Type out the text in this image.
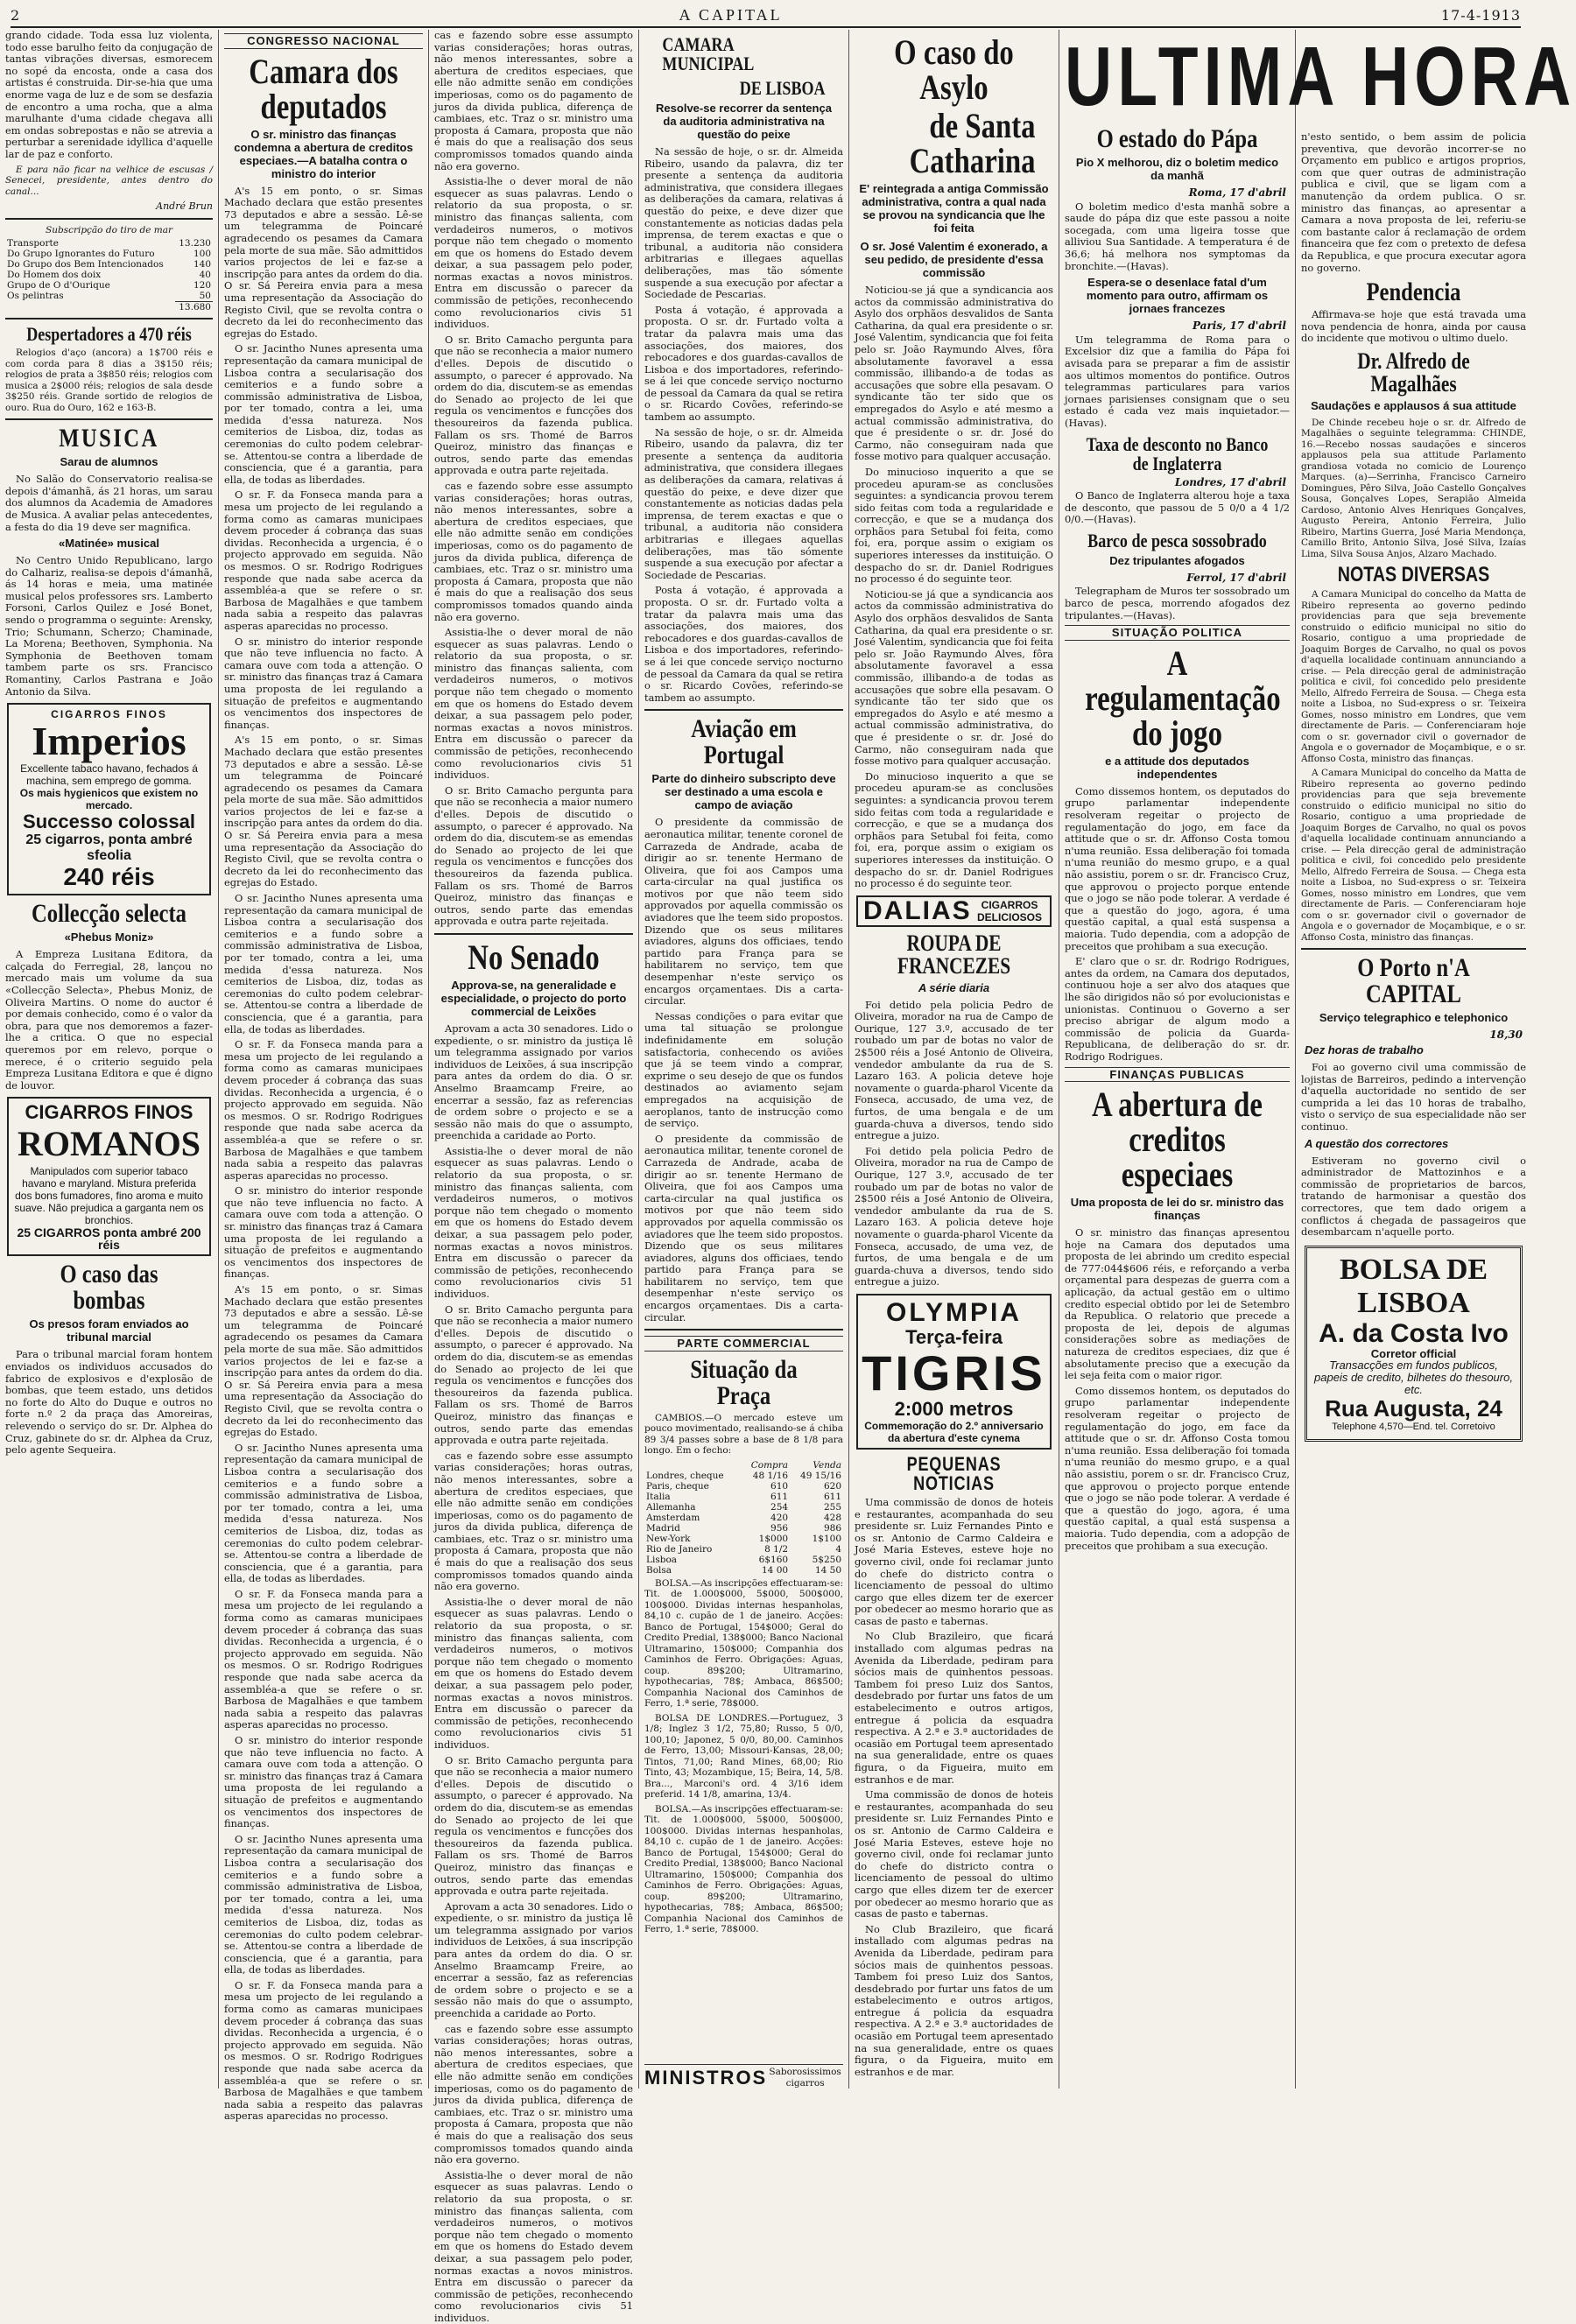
2	A CAPITAL	17-4-1913

grando cidade. Toda essa luz violenta, todo esse barulho feito da conjugação de tantas vibrações diversas, esmorecem no sopé da encosta, onde a casa dos artistas é construida. Dir-se-hia que uma enorme vaga de luz e de som se desfazia de encontro a uma rocha, que a alma marulhante d'uma cidade chegava alli em ondas sobrepostas e não se atrevia a perturbar a serenidade idyllica d'aquelle lar de paz e conforto.

E para não ficar na velhice de escusas / Senecei, presidente, antes dentro do canal...

André Brun
Subscripção do tiro de mar
Transporte	13.230
Do Grupo Ignorantes do Futuro	100
Do Grupo dos Bem Intencionados	140
Do Homem dos doix	40
Grupo de O d'Ourique	120
Os pelintras	50
	13.680
Despertadores a 470 réis

Relogios d'aço (ancora) a 1$700 réis e com corda para 8 dias a 3$150 réis; relogios de prata a 3$850 réis; relogios com musica a 2$000 réis; relogios de sala desde 3$250 réis. Grande sortido de relogios de ouro. Rua do Ouro, 162 e 163-B.

MUSICA
Sarau de alumnos

No Salão do Conservatorio realisa-se depois d'ámanhã, ás 21 horas, um sarau dos alumnos da Academia de Amadores de Musica. A avaliar pelas antecedentes, a festa do dia 19 deve ser magnifica.

«Matinée» musical

No Centro Unido Republicano, largo do Calhariz, realisa-se depois d'ámanhã, ás 14 horas e meia, uma matinée musical pelos professores srs. Lamberto Forsoni, Carlos Quilez e José Bonet, sendo o programma o seguinte: Arensky, Trio; Schumann, Scherzo; Chaminade, La Morena; Beethoven, Symphonia. Na Symphonia de Beethoven tomam tambem parte os srs. Francisco Romantiny, Carlos Pastrana e João Antonio da Silva.

CIGARROS FINOS
Imperios
Excellente tabaco havano, fechados á machina, sem emprego de gomma.
Os mais hygienicos que existem no mercado.
Successo colossal
25 cigarros, ponta ambré sfeolia
240 réis
Collecção selecta
«Phebus Moniz»

A Empreza Lusitana Editora, da calçada do Ferregial, 28, lançou no mercado mais um volume da sua «Collecção Selecta», Phebus Moniz, de Oliveira Martins. O nome do auctor é por demais conhecido, como é o valor da obra, para que nos demoremos a fazer-lhe a critica. O que no especial queremos por em relevo, porque o merece, é o criterio seguido pela Empreza Lusitana Editora e que é digno de louvor.

CIGARROS FINOS
ROMANOS
Manipulados com superior tabaco havano e maryland. Mistura preferida dos bons fumadores, fino aroma e muito suave. Não prejudica a garganta nem os bronchios.
25 CIGARROS ponta ambré 200 réis
O caso das bombas
Os presos foram enviados ao tribunal marcial

Para o tribunal marcial foram hontem enviados os individuos accusados do fabrico de explosivos e d'explosão de bombas, que teem estado, uns detidos no forte do Alto do Duque e outros no forte n.º 2 da praça das Amoreiras, relevendo o serviço do sr. Dr. Alphea do Cruz, gabinete do sr. dr. Alphea da Cruz, pelo agente Sequeira.

CONGRESSO NACIONAL
Camara dos deputados
O sr. ministro das finanças condemna a abertura de creditos especiaes.—A batalha contra o ministro do interior

A's 15 em ponto, o sr. Simas Machado declara que estão presentes 73 deputados e abre a sessão. Lê-se um telegramma de Poincaré agradecendo os pesames da Camara pela morte de sua mãe. São admittidos varios projectos de lei e faz-se a inscripção para antes da ordem do dia. O sr. Sá Pereira envia para a mesa uma representação da Associação do Registo Civil, que se revolta contra o decreto da lei do reconhecimento das egrejas do Estado.

O sr. Jacintho Nunes apresenta uma representação da camara municipal de Lisboa contra a secularisação dos cemiterios e a fundo sobre a commissão administrativa de Lisboa, por ter tomado, contra a lei, uma medida d'essa natureza. Nos cemiterios de Lisboa, diz, todas as ceremonias do culto podem celebrar-se. Attentou-se contra a liberdade de consciencia, que é a garantia, para ella, de todas as liberdades.

O sr. F. da Fonseca manda para a mesa um projecto de lei regulando a forma como as camaras municipaes devem proceder á cobrança das suas dividas. Reconhecida a urgencia, é o projecto approvado em seguida. Não os mesmos. O sr. Rodrigo Rodrigues responde que nada sabe acerca da assembléa-a que se refere o sr. Barbosa de Magalhães e que tambem nada sabia a respeito das palavras asperas aparecidas no processo.

O sr. ministro do interior responde que não teve influencia no facto. A camara ouve com toda a attenção. O sr. ministro das finanças traz á Camara uma proposta de lei regulando a situação de prefeitos e augmentando os vencimentos dos inspectores de finanças.

A's 15 em ponto, o sr. Simas Machado declara que estão presentes 73 deputados e abre a sessão. Lê-se um telegramma de Poincaré agradecendo os pesames da Camara pela morte de sua mãe. São admittidos varios projectos de lei e faz-se a inscripção para antes da ordem do dia. O sr. Sá Pereira envia para a mesa uma representação da Associação do Registo Civil, que se revolta contra o decreto da lei do reconhecimento das egrejas do Estado.

O sr. Jacintho Nunes apresenta uma representação da camara municipal de Lisboa contra a secularisação dos cemiterios e a fundo sobre a commissão administrativa de Lisboa, por ter tomado, contra a lei, uma medida d'essa natureza. Nos cemiterios de Lisboa, diz, todas as ceremonias do culto podem celebrar-se. Attentou-se contra a liberdade de consciencia, que é a garantia, para ella, de todas as liberdades.

O sr. F. da Fonseca manda para a mesa um projecto de lei regulando a forma como as camaras municipaes devem proceder á cobrança das suas dividas. Reconhecida a urgencia, é o projecto approvado em seguida. Não os mesmos. O sr. Rodrigo Rodrigues responde que nada sabe acerca da assembléa-a que se refere o sr. Barbosa de Magalhães e que tambem nada sabia a respeito das palavras asperas aparecidas no processo.

O sr. ministro do interior responde que não teve influencia no facto. A camara ouve com toda a attenção. O sr. ministro das finanças traz á Camara uma proposta de lei regulando a situação de prefeitos e augmentando os vencimentos dos inspectores de finanças.

A's 15 em ponto, o sr. Simas Machado declara que estão presentes 73 deputados e abre a sessão. Lê-se um telegramma de Poincaré agradecendo os pesames da Camara pela morte de sua mãe. São admittidos varios projectos de lei e faz-se a inscripção para antes da ordem do dia. O sr. Sá Pereira envia para a mesa uma representação da Associação do Registo Civil, que se revolta contra o decreto da lei do reconhecimento das egrejas do Estado.

O sr. Jacintho Nunes apresenta uma representação da camara municipal de Lisboa contra a secularisação dos cemiterios e a fundo sobre a commissão administrativa de Lisboa, por ter tomado, contra a lei, uma medida d'essa natureza. Nos cemiterios de Lisboa, diz, todas as ceremonias do culto podem celebrar-se. Attentou-se contra a liberdade de consciencia, que é a garantia, para ella, de todas as liberdades.

O sr. F. da Fonseca manda para a mesa um projecto de lei regulando a forma como as camaras municipaes devem proceder á cobrança das suas dividas. Reconhecida a urgencia, é o projecto approvado em seguida. Não os mesmos. O sr. Rodrigo Rodrigues responde que nada sabe acerca da assembléa-a que se refere o sr. Barbosa de Magalhães e que tambem nada sabia a respeito das palavras asperas aparecidas no processo.

O sr. ministro do interior responde que não teve influencia no facto. A camara ouve com toda a attenção. O sr. ministro das finanças traz á Camara uma proposta de lei regulando a situação de prefeitos e augmentando os vencimentos dos inspectores de finanças.

O sr. Jacintho Nunes apresenta uma representação da camara municipal de Lisboa contra a secularisação dos cemiterios e a fundo sobre a commissão administrativa de Lisboa, por ter tomado, contra a lei, uma medida d'essa natureza. Nos cemiterios de Lisboa, diz, todas as ceremonias do culto podem celebrar-se. Attentou-se contra a liberdade de consciencia, que é a garantia, para ella, de todas as liberdades.

O sr. F. da Fonseca manda para a mesa um projecto de lei regulando a forma como as camaras municipaes devem proceder á cobrança das suas dividas. Reconhecida a urgencia, é o projecto approvado em seguida. Não os mesmos. O sr. Rodrigo Rodrigues responde que nada sabe acerca da assembléa-a que se refere o sr. Barbosa de Magalhães e que tambem nada sabia a respeito das palavras asperas aparecidas no processo.

cas e fazendo sobre esse assumpto varias considerações; horas outras, não menos interessantes, sobre a abertura de creditos especiaes, que elle não admitte senão em condições imperiosas, como os do pagamento de juros da divida publica, diferença de cambiaes, etc. Traz o sr. ministro uma proposta á Camara, proposta que não é mais do que a realisação dos seus compromissos tomados quando ainda não era governo.

Assistia-lhe o dever moral de não esquecer as suas palavras. Lendo o relatorio da sua proposta, o sr. ministro das finanças salienta, com verdadeiros numeros, o motivos porque não tem chegado o momento em que os homens do Estado devem deixar, a sua passagem pelo poder, normas exactas a novos ministros. Entra em discussão o parecer da commissão de petições, reconhecendo como revolucionarios civis 51 individuos.

O sr. Brito Camacho pergunta para que não se reconhecia a maior numero d'elles. Depois de discutido o assumpto, o parecer é approvado. Na ordem do dia, discutem-se as emendas do Senado ao projecto de lei que regula os vencimentos e funcções dos thesoureiros da fazenda publica. Fallam os srs. Thomé de Barros Queiroz, ministro das finanças e outros, sendo parte das emendas approvada e outra parte rejeitada.

cas e fazendo sobre esse assumpto varias considerações; horas outras, não menos interessantes, sobre a abertura de creditos especiaes, que elle não admitte senão em condições imperiosas, como os do pagamento de juros da divida publica, diferença de cambiaes, etc. Traz o sr. ministro uma proposta á Camara, proposta que não é mais do que a realisação dos seus compromissos tomados quando ainda não era governo.

Assistia-lhe o dever moral de não esquecer as suas palavras. Lendo o relatorio da sua proposta, o sr. ministro das finanças salienta, com verdadeiros numeros, o motivos porque não tem chegado o momento em que os homens do Estado devem deixar, a sua passagem pelo poder, normas exactas a novos ministros. Entra em discussão o parecer da commissão de petições, reconhecendo como revolucionarios civis 51 individuos.

O sr. Brito Camacho pergunta para que não se reconhecia a maior numero d'elles. Depois de discutido o assumpto, o parecer é approvado. Na ordem do dia, discutem-se as emendas do Senado ao projecto de lei que regula os vencimentos e funcções dos thesoureiros da fazenda publica. Fallam os srs. Thomé de Barros Queiroz, ministro das finanças e outros, sendo parte das emendas approvada e outra parte rejeitada.

No Senado
Approva-se, na generalidade e especialidade, o projecto do porto commercial de Leixões

Aprovam a acta 30 senadores. Lido o expediente, o sr. ministro da justiça lê um telegramma assignado por varios individuos de Leixões, á sua inscripção para antes da ordem do dia. O sr. Anselmo Braamcamp Freire, ao encerrar a sessão, faz as referencias de ordem sobre o projecto e se a sessão não mais do que o assumpto, preenchida a caridade ao Porto.

Assistia-lhe o dever moral de não esquecer as suas palavras. Lendo o relatorio da sua proposta, o sr. ministro das finanças salienta, com verdadeiros numeros, o motivos porque não tem chegado o momento em que os homens do Estado devem deixar, a sua passagem pelo poder, normas exactas a novos ministros. Entra em discussão o parecer da commissão de petições, reconhecendo como revolucionarios civis 51 individuos.

O sr. Brito Camacho pergunta para que não se reconhecia a maior numero d'elles. Depois de discutido o assumpto, o parecer é approvado. Na ordem do dia, discutem-se as emendas do Senado ao projecto de lei que regula os vencimentos e funcções dos thesoureiros da fazenda publica. Fallam os srs. Thomé de Barros Queiroz, ministro das finanças e outros, sendo parte das emendas approvada e outra parte rejeitada.

cas e fazendo sobre esse assumpto varias considerações; horas outras, não menos interessantes, sobre a abertura de creditos especiaes, que elle não admitte senão em condições imperiosas, como os do pagamento de juros da divida publica, diferença de cambiaes, etc. Traz o sr. ministro uma proposta á Camara, proposta que não é mais do que a realisação dos seus compromissos tomados quando ainda não era governo.

Assistia-lhe o dever moral de não esquecer as suas palavras. Lendo o relatorio da sua proposta, o sr. ministro das finanças salienta, com verdadeiros numeros, o motivos porque não tem chegado o momento em que os homens do Estado devem deixar, a sua passagem pelo poder, normas exactas a novos ministros. Entra em discussão o parecer da commissão de petições, reconhecendo como revolucionarios civis 51 individuos.

O sr. Brito Camacho pergunta para que não se reconhecia a maior numero d'elles. Depois de discutido o assumpto, o parecer é approvado. Na ordem do dia, discutem-se as emendas do Senado ao projecto de lei que regula os vencimentos e funcções dos thesoureiros da fazenda publica. Fallam os srs. Thomé de Barros Queiroz, ministro das finanças e outros, sendo parte das emendas approvada e outra parte rejeitada.

Aprovam a acta 30 senadores. Lido o expediente, o sr. ministro da justiça lê um telegramma assignado por varios individuos de Leixões, á sua inscripção para antes da ordem do dia. O sr. Anselmo Braamcamp Freire, ao encerrar a sessão, faz as referencias de ordem sobre o projecto e se a sessão não mais do que o assumpto, preenchida a caridade ao Porto.

cas e fazendo sobre esse assumpto varias considerações; horas outras, não menos interessantes, sobre a abertura de creditos especiaes, que elle não admitte senão em condições imperiosas, como os do pagamento de juros da divida publica, diferença de cambiaes, etc. Traz o sr. ministro uma proposta á Camara, proposta que não é mais do que a realisação dos seus compromissos tomados quando ainda não era governo.

Assistia-lhe o dever moral de não esquecer as suas palavras. Lendo o relatorio da sua proposta, o sr. ministro das finanças salienta, com verdadeiros numeros, o motivos porque não tem chegado o momento em que os homens do Estado devem deixar, a sua passagem pelo poder, normas exactas a novos ministros. Entra em discussão o parecer da commissão de petições, reconhecendo como revolucionarios civis 51 individuos.

CAMARA MUNICIPAL
DE LISBOA
Resolve-se recorrer da sentença da auditoria administrativa na questão do peixe

Na sessão de hoje, o sr. dr. Almeida Ribeiro, usando da palavra, diz ter presente a sentença da auditoria administrativa, que considera illegaes as deliberações da camara, relativas á questão do peixe, e deve dizer que constantemente as noticias dadas pela imprensa, de terem exactas e que o tribunal, a auditoria não considera arbitrarias e illegaes aquellas deliberações, mas tão sómente suspende a sua execução por afectar a Sociedade de Pescarias.

Posta á votação, é approvada a proposta. O sr. dr. Furtado volta a tratar da palavra mais uma das associações, dos maiores, dos rebocadores e dos guardas-cavallos de Lisboa e dos importadores, referindo-se á lei que concede serviço nocturno de pessoal da Camara da qual se retira o sr. Ricardo Covões, referindo-se tambem ao assumpto.

Na sessão de hoje, o sr. dr. Almeida Ribeiro, usando da palavra, diz ter presente a sentença da auditoria administrativa, que considera illegaes as deliberações da camara, relativas á questão do peixe, e deve dizer que constantemente as noticias dadas pela imprensa, de terem exactas e que o tribunal, a auditoria não considera arbitrarias e illegaes aquellas deliberações, mas tão sómente suspende a sua execução por afectar a Sociedade de Pescarias.

Posta á votação, é approvada a proposta. O sr. dr. Furtado volta a tratar da palavra mais uma das associações, dos maiores, dos rebocadores e dos guardas-cavallos de Lisboa e dos importadores, referindo-se á lei que concede serviço nocturno de pessoal da Camara da qual se retira o sr. Ricardo Covões, referindo-se tambem ao assumpto.

Aviação em Portugal
Parte do dinheiro subscripto deve ser destinado a uma escola e campo de aviação

O presidente da commissão de aeronautica militar, tenente coronel de Carrazeda de Andrade, acaba de dirigir ao sr. tenente Hermano de Oliveira, que foi aos Campos uma carta-circular na qual justifica os motivos por que não teem sido approvados por aquella commissão os aviadores que lhe teem sido propostos. Dizendo que os seus militares aviadores, alguns dos officiaes, tendo partido para França para se habilitarem no serviço, tem que desempenhar n'este serviço os encargos orçamentaes. Dis a carta-circular.

Nessas condições o para evitar que uma tal situação se prolongue indefinidamente em solução satisfactoria, conhecendo os aviões que já se teem vindo a comprar, exprime o seu desejo de que os fundos destinados ao aviamento sejam empregados na acquisição de aeroplanos, tanto de instrucção como de serviço.

O presidente da commissão de aeronautica militar, tenente coronel de Carrazeda de Andrade, acaba de dirigir ao sr. tenente Hermano de Oliveira, que foi aos Campos uma carta-circular na qual justifica os motivos por que não teem sido approvados por aquella commissão os aviadores que lhe teem sido propostos. Dizendo que os seus militares aviadores, alguns dos officiaes, tendo partido para França para se habilitarem no serviço, tem que desempenhar n'este serviço os encargos orçamentaes. Dis a carta-circular.

PARTE COMMERCIAL
Situação da Praça

CAMBIOS.—O mercado esteve um pouco movimentado, realisando-se á chiba 89 3/4 passes sobre a base de 8 1/8 para longo. Em o fecho:

	Compra	Venda
Londres, cheque	48 1/16	49 15/16
Paris, cheque	610	620
Italia	611	611
Allemanha	254	255
Amsterdam	420	428
Madrid	956	986
New-York	1$000	1$100
Rio de Janeiro	8 1/2	4
Lisboa	6$160	5$250
Bolsa	14 00	14 50

BOLSA.—As inscripções effectuaram-se: Tit. de 1.000$000, 5$000, 500$000, 100$000. Dividas internas hespanholas, 84,10 c. cupão de 1 de janeiro. Acções: Banco de Portugal, 154$000; Geral do Credito Predial, 138$000; Banco Nacional Ultramarino, 150$000; Companhia dos Caminhos de Ferro. Obrigações: Aguas, coup. 89$200; Ultramarino, hypothecarias, 78$; Ambaca, 86$500; Companhia Nacional dos Caminhos de Ferro, 1.ª serie, 78$000.

BOLSA DE LONDRES.—Portuguez, 3 1/8; Inglez 3 1/2, 75,80; Russo, 5 0/0, 100,10; Japonez, 5 0/0, 80,00. Caminhos de Ferro, 13,00; Missouri-Kansas, 28,00; Tintos, 71,00; Rand Mines, 68,00; Rio Tinto, 43; Mozambique, 15; Beira, 14, 5/8. Bra..., Marconi's ord. 4 3/16 idem preferid. 14 1/8, amarina, 13/4.

BOLSA.—As inscripções effectuaram-se: Tit. de 1.000$000, 5$000, 500$000, 100$000. Dividas internas hespanholas, 84,10 c. cupão de 1 de janeiro. Acções: Banco de Portugal, 154$000; Geral do Credito Predial, 138$000; Banco Nacional Ultramarino, 150$000; Companhia dos Caminhos de Ferro. Obrigações: Aguas, coup. 89$200; Ultramarino, hypothecarias, 78$; Ambaca, 86$500; Companhia Nacional dos Caminhos de Ferro, 1.ª serie, 78$000.

MINISTROS Saborosissimos cigarros
O caso do Asylo
de Santa Catharina
E' reintegrada a antiga Commissão administrativa, contra a qual nada se provou na syndicancia que lhe foi feita
O sr. José Valentim é exonerado, a seu pedido, de presidente d'essa commissão

Noticiou-se já que a syndicancia aos actos da commissão administrativa do Asylo dos orphãos desvalidos de Santa Catharina, da qual era presidente o sr. José Valentim, syndicancia que foi feita pelo sr. João Raymundo Alves, fôra absolutamente favoravel a essa commissão, illibando-a de todas as accusações que sobre ella pesavam. O syndicante tão ter sido que os empregados do Asylo e até mesmo a actual commissão administrativa, do que é presidente o sr. dr. José do Carmo, não conseguiram nada que fosse motivo para qualquer accusação.

Do minucioso inquerito a que se procedeu apuram-se as conclusões seguintes: a syndicancia provou terem sido feitas com toda a regularidade e correcção, e que se a mudança dos orphãos para Setubal foi feita, como foi, era, porque assim o exigiam os superiores interesses da instituição. O despacho do sr. dr. Daniel Rodrigues no processo é do seguinte teor.

Noticiou-se já que a syndicancia aos actos da commissão administrativa do Asylo dos orphãos desvalidos de Santa Catharina, da qual era presidente o sr. José Valentim, syndicancia que foi feita pelo sr. João Raymundo Alves, fôra absolutamente favoravel a essa commissão, illibando-a de todas as accusações que sobre ella pesavam. O syndicante tão ter sido que os empregados do Asylo e até mesmo a actual commissão administrativa, do que é presidente o sr. dr. José do Carmo, não conseguiram nada que fosse motivo para qualquer accusação.

Do minucioso inquerito a que se procedeu apuram-se as conclusões seguintes: a syndicancia provou terem sido feitas com toda a regularidade e correcção, e que se a mudança dos orphãos para Setubal foi feita, como foi, era, porque assim o exigiam os superiores interesses da instituição. O despacho do sr. dr. Daniel Rodrigues no processo é do seguinte teor.

DALIAS CIGARROS DELICIOSOS
ROUPA DE FRANCEZES
A série diaria

Foi detido pela policia Pedro de Oliveira, morador na rua de Campo de Ourique, 127 3.º, accusado de ter roubado um par de botas no valor de 2$500 réis a José Antonio de Oliveira, vendedor ambulante da rua de S. Lazaro 163. A policia deteve hoje novamente o guarda-pharol Vicente da Fonseca, accusado, de uma vez, de furtos, de uma bengala e de um guarda-chuva a diversos, tendo sido entregue a juizo.

Foi detido pela policia Pedro de Oliveira, morador na rua de Campo de Ourique, 127 3.º, accusado de ter roubado um par de botas no valor de 2$500 réis a José Antonio de Oliveira, vendedor ambulante da rua de S. Lazaro 163. A policia deteve hoje novamente o guarda-pharol Vicente da Fonseca, accusado, de uma vez, de furtos, de uma bengala e de um guarda-chuva a diversos, tendo sido entregue a juizo.

OLYMPIA
Terça-feira
TIGRIS
2:000 metros
Commemoração do 2.º anniversario da abertura d'este cynema
PEQUENAS NOTICIAS

Uma commissão de donos de hoteis e restaurantes, acompanhada do seu presidente sr. Luiz Fernandes Pinto e os sr. Antonio de Carmo Caldeira e José Maria Esteves, esteve hoje no governo civil, onde foi reclamar junto do chefe do districto contra o licenciamento de pessoal do ultimo cargo que elles dizem ter de exercer por obedecer ao mesmo horario que as casas de pasto e tabernas.

No Club Brazileiro, que ficará installado com algumas pedras na Avenida da Liberdade, pediram para sócios mais de quinhentos pessoas. Tambem foi preso Luiz dos Santos, desdebrado por furtar uns fatos de um estabelecimento e outros artigos, entregue á policia da esquadra respectiva. A 2.ª e 3.ª auctoridades de ocasião em Portugal teem apresentado na sua generalidade, entre os quaes figura, o da Figueira, muito em estranhos e de mar.

Uma commissão de donos de hoteis e restaurantes, acompanhada do seu presidente sr. Luiz Fernandes Pinto e os sr. Antonio de Carmo Caldeira e José Maria Esteves, esteve hoje no governo civil, onde foi reclamar junto do chefe do districto contra o licenciamento de pessoal do ultimo cargo que elles dizem ter de exercer por obedecer ao mesmo horario que as casas de pasto e tabernas.

No Club Brazileiro, que ficará installado com algumas pedras na Avenida da Liberdade, pediram para sócios mais de quinhentos pessoas. Tambem foi preso Luiz dos Santos, desdebrado por furtar uns fatos de um estabelecimento e outros artigos, entregue á policia da esquadra respectiva. A 2.ª e 3.ª auctoridades de ocasião em Portugal teem apresentado na sua generalidade, entre os quaes figura, o da Figueira, muito em estranhos e de mar.

ULTIMA HORA
O estado do Pápa
Pio X melhorou, diz o boletim medico da manhã
Roma, 17 d'abril

O boletim medico d'esta manhã sobre a saude do pápa diz que este passou a noite socegada, com uma ligeira tosse que alliviou Sua Santidade. A temperatura é de 36,6; há melhora nos symptomas da bronchite.—(Havas).

Espera-se o desenlace fatal d'um momento para outro, affirmam os jornaes francezes
Paris, 17 d'abril

Um telegramma de Roma para o Excelsior diz que a familia do Pápa foi avisada para se preparar a fim de assistir aos ultimos momentos do pontifice. Outros telegrammas particulares para varios jornaes parisienses consignam que o seu estado é cada vez mais inquietador.—(Havas).

Taxa de desconto no Banco de Inglaterra
Londres, 17 d'abril

O Banco de Inglaterra alterou hoje a taxa de desconto, que passou de 5 0/0 a 4 1/2 0/0.—(Havas).

Barco de pesca sossobrado
Dez tripulantes afogados
Ferrol, 17 d'abril

Telegrapham de Muros ter sossobrado um barco de pesca, morrendo afogados dez tripulantes.—(Havas).

SITUAÇÃO POLITICA
A regulamentação do jogo
e a attitude dos deputados independentes

Como dissemos hontem, os deputados do grupo parlamentar independente resolveram regeitar o projecto de regulamentação do jogo, em face da attitude que o sr. dr. Affonso Costa tomou n'uma reunião. Essa deliberação foi tomada n'uma reunião do mesmo grupo, e a qual não assistiu, porem o sr. dr. Francisco Cruz, que approvou o projecto porque entende que o jogo se não pode tolerar. A verdade é que a questão do jogo, agora, é uma questão capital, a qual está suspensa a maioria. Tudo dependia, com a adopção de preceitos que prohibam a sua execução.

E' claro que o sr. dr. Rodrigo Rodrigues, antes da ordem, na Camara dos deputados, continuou hoje a ser alvo dos ataques que lhe são dirigidos não só por evolucionistas e unionistas. Continuou o Governo a ser preciso abrigar de algum modo a commissão de policia da Guarda-Republicana, de deliberação do sr. dr. Rodrigo Rodrigues.

FINANÇAS PUBLICAS
A abertura de creditos especiaes
Uma proposta de lei do sr. ministro das finanças

O sr. ministro das finanças apresentou hoje na Camara dos deputados uma proposta de lei abrindo um credito especial de 777:044$606 réis, e reforçando a verba orçamental para despezas de guerra com a aplicação, da actual gestão em o ultimo credito especial obtido por lei de Setembro da Republica. O relatorio que precede a proposta de lei, depois de algumas considerações sobre as mediações de natureza de creditos especiaes, diz que é absolutamente preciso que a execução da lei seja feita com o maior rigor.

Como dissemos hontem, os deputados do grupo parlamentar independente resolveram regeitar o projecto de regulamentação do jogo, em face da attitude que o sr. dr. Affonso Costa tomou n'uma reunião. Essa deliberação foi tomada n'uma reunião do mesmo grupo, e a qual não assistiu, porem o sr. dr. Francisco Cruz, que approvou o projecto porque entende que o jogo se não pode tolerar. A verdade é que a questão do jogo, agora, é uma questão capital, a qual está suspensa a maioria. Tudo dependia, com a adopção de preceitos que prohibam a sua execução.

n'esto sentido, o bem assim de policia preventiva, que devorão incorrer-se no Orçamento em publico e artigos proprios, com que quer outras de administração publica e civil, que se ligam com a manutenção da ordem publica. O sr. ministro das finanças, ao apresentar a Camara a nova proposta de lei, referiu-se com bastante calor á reclamação de ordem financeira que fez com o pretexto de defesa da Republica, e que procura executar agora no governo.

Pendencia

Affirmava-se hoje que está travada uma nova pendencia de honra, ainda por causa do incidente que motivou o ultimo duelo.

Dr. Alfredo de Magalhães
Saudações e applausos á sua attitude

De Chinde recebeu hoje o sr. dr. Alfredo de Magalhães o seguinte telegramma: CHINDE, 16.—Recebo nossas saudações e sinceros applausos pela sua attitude Parlamento grandiosa votada no comicio de Lourenço Marques. (a)—Serrinha, Francisco Carneiro Domingues, Pêro Silva, João Castello Gonçalves Sousa, Gonçalves Lopes, Serapião Almeida Cardoso, Antonio Alves Henriques Gonçalves, Augusto Pereira, Antonio Ferreira, Julio Ribeiro, Martins Guerra, José Maria Mendonça, Camillo Brito, Antonio Silva, José Silva, Izaías Lima, Silva Sousa Anjos, Alzaro Machado.

NOTAS DIVERSAS

A Camara Municipal do concelho da Matta de Ribeiro representa ao governo pedindo providencias para que seja brevemente construido o edificio municipal no sitio do Rosario, contiguo a uma propriedade de Joaquim Borges de Carvalho, no qual os povos d'aquella localidade continuam annunciando a crise. — Pela direcção geral de administração politica e civil, foi concedido pelo presidente Mello, Alfredo Ferreira de Sousa. — Chega esta noite a Lisboa, no Sud-express o sr. Teixeira Gomes, nosso ministro em Londres, que vem directamente de Paris. — Conferenciaram hoje com o sr. governador civil o governador de Angola e o governador de Moçambique, e o sr. Affonso Costa, ministro das finanças.

A Camara Municipal do concelho da Matta de Ribeiro representa ao governo pedindo providencias para que seja brevemente construido o edificio municipal no sitio do Rosario, contiguo a uma propriedade de Joaquim Borges de Carvalho, no qual os povos d'aquella localidade continuam annunciando a crise. — Pela direcção geral de administração politica e civil, foi concedido pelo presidente Mello, Alfredo Ferreira de Sousa. — Chega esta noite a Lisboa, no Sud-express o sr. Teixeira Gomes, nosso ministro em Londres, que vem directamente de Paris. — Conferenciaram hoje com o sr. governador civil o governador de Angola e o governador de Moçambique, e o sr. Affonso Costa, ministro das finanças.

O Porto n'A CAPITAL
Serviço telegraphico e telephonico
18,30
Dez horas de trabalho

Foi ao governo civil uma commissão de lojistas de Barreiros, pedindo a intervenção d'aquella auctoridade no sentido de ser cumprida a lei das 10 horas de trabalho, visto o serviço de sua especialidade não ser continuo.

A questão dos correctores

Estiveram no governo civil o administrador de Mattozinhos e a commissão de proprietarios de barcos, tratando de harmonisar a questão dos correctores, que tem dado origem a conflictos á chegada de passageiros que desembarcam n'aquelle porto.

BOLSA DE LISBOA
A. da Costa Ivo
Corretor official
Transacções em fundos publicos, papeis de credito, bilhetes do thesouro, etc.
Rua Augusta, 24
Telephone 4,570—End. tel. Corretoivo
